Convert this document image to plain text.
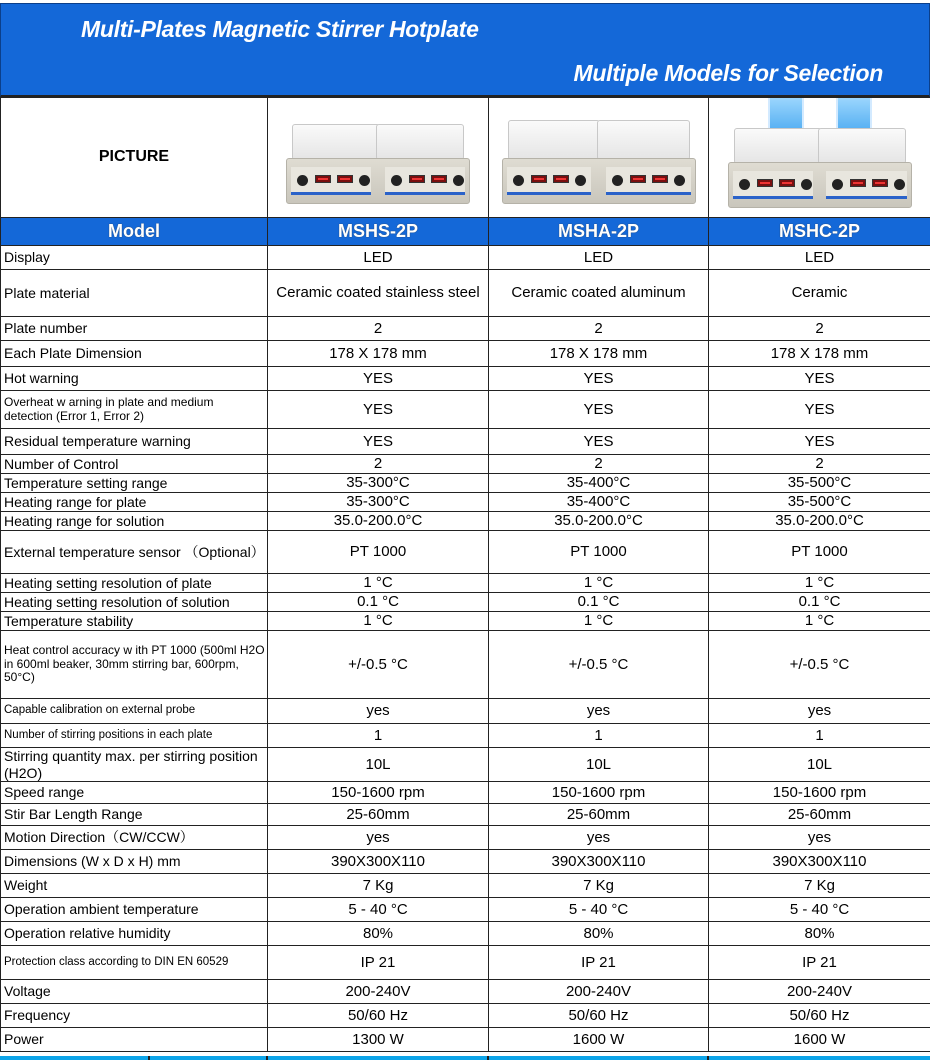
Multi-Plates Magnetic Stirrer Hotplate
Multiple Models for Selection
PICTURE	

Model	MSHS-2P	MSHA-2P	MSHC-2P
Display	LED	LED	LED
Plate material	Ceramic coated stainless steel	Ceramic coated aluminum	Ceramic
Plate number	2	2	2
Each Plate Dimension	178 X 178 mm	178 X 178 mm	178 X 178 mm
Hot warning	YES	YES	YES
Overheat w arning in plate and medium detection (Error 1, Error 2)	YES	YES	YES
Residual temperature warning	YES	YES	YES
Number of Control	2	2	2
Temperature setting range	35-300°C	35-400°C	35-500°C
Heating range for plate	35-300°C	35-400°C	35-500°C
Heating range for solution	35.0-200.0°C	35.0-200.0°C	35.0-200.0°C
External temperature sensor （Optional）	PT 1000	PT 1000	PT 1000
Heating setting resolution of plate	1 °C	1 °C	1 °C
Heating setting resolution of solution	0.1 °C	0.1 °C	0.1 °C
Temperature stability	1 °C	1 °C	1 °C
Heat control accuracy w ith PT 1000 (500ml H2O in 600ml beaker, 30mm stirring bar, 600rpm, 50°C)	+/-0.5 °C	+/-0.5 °C	+/-0.5 °C
Capable calibration on external probe	yes	yes	yes
Number of stirring positions in each plate	1	1	1
Stirring quantity max. per stirring position (H2O)	10L	10L	10L
Speed range	150-1600 rpm	150-1600 rpm	150-1600 rpm
Stir Bar Length Range	25-60mm	25-60mm	25-60mm
Motion Direction（CW/CCW）	yes	yes	yes
Dimensions (W x D x H) mm	390X300X110	390X300X110	390X300X110
Weight	7 Kg	7 Kg	7 Kg
Operation ambient temperature	5 - 40 °C	5 - 40 °C	5 - 40 °C
Operation relative humidity	80%	80%	80%
Protection class according to DIN EN 60529	IP 21	IP 21	IP 21
Voltage	200-240V	200-240V	200-240V
Frequency	50/60 Hz	50/60 Hz	50/60 Hz
Power	1300 W	1600 W	1600 W
